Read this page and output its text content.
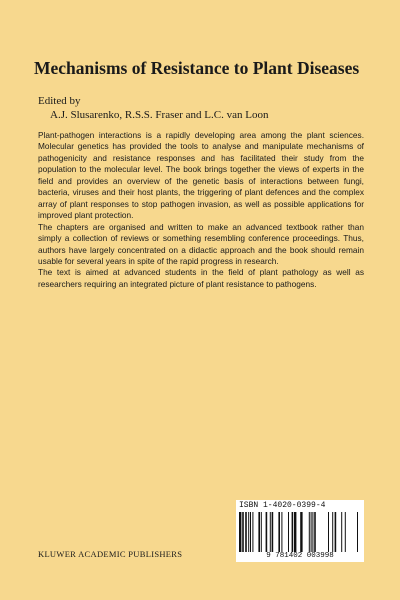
Mechanisms of Resistance to Plant Diseases
Edited by
A.J. Slusarenko, R.S.S. Fraser and L.C. van Loon

Plant-pathogen interactions is a rapidly developing area among the plant sciences. Molecular genetics has provided the tools to analyse and manipulate mechanisms of pathogenicity and resistance responses and has facilitated their study from the population to the molecular level. The book brings together the views of experts in the field and provides an overview of the genetic basis of interactions between fungi, bacteria, viruses and their host plants, the triggering of plant defences and the complex array of plant responses to stop pathogen invasion, as well as possible applications for improved plant protection.

The chapters are organised and written to make an advanced textbook rather than simply a collection of reviews or something resembling conference proceedings. Thus, authors have largely concentrated on a didactic approach and the book should remain usable for several years in spite of the rapid progress in research.

The text is aimed at advanced students in the field of plant pathology as well as researchers requiring an integrated picture of plant resistance to pathogens.

ISBN 1-4020-0399-4
9 781402 003998
KLUWER ACADEMIC PUBLISHERS
